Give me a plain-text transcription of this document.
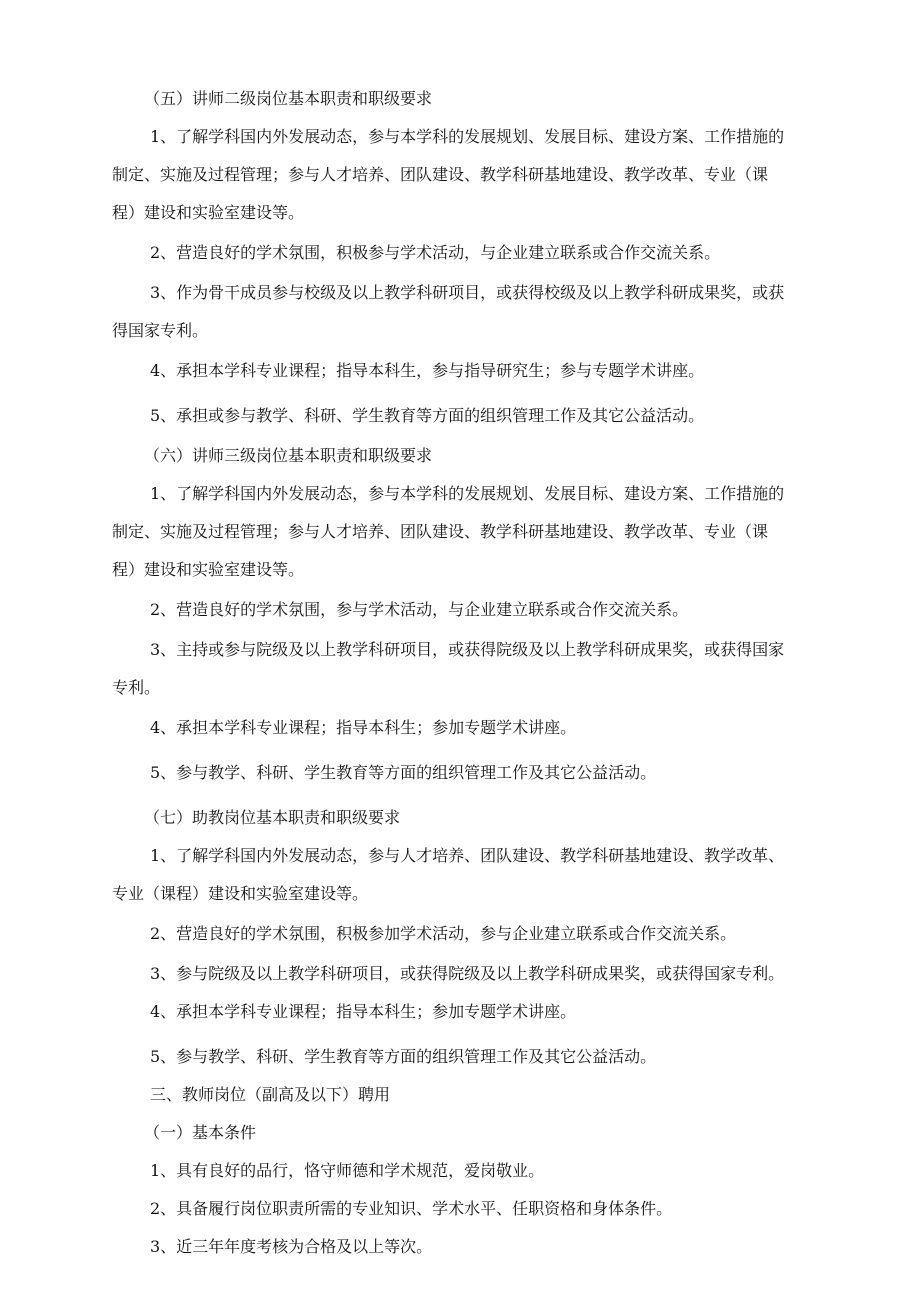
（五）讲师二级岗位基本职责和职级要求

1、了解学科国内外发展动态，参与本学科的发展规划、发展目标、建设方案、工作措施的

制定、实施及过程管理；参与人才培养、团队建设、教学科研基地建设、教学改革、专业（课

程）建设和实验室建设等。

2、营造良好的学术氛围，积极参与学术活动，与企业建立联系或合作交流关系。

3、作为骨干成员参与校级及以上教学科研项目，或获得校级及以上教学科研成果奖，或获

得国家专利。

4、承担本学科专业课程；指导本科生，参与指导研究生；参与专题学术讲座。

5、承担或参与教学、科研、学生教育等方面的组织管理工作及其它公益活动。

（六）讲师三级岗位基本职责和职级要求

1、了解学科国内外发展动态，参与本学科的发展规划、发展目标、建设方案、工作措施的

制定、实施及过程管理；参与人才培养、团队建设、教学科研基地建设、教学改革、专业（课

程）建设和实验室建设等。

2、营造良好的学术氛围，参与学术活动，与企业建立联系或合作交流关系。

3、主持或参与院级及以上教学科研项目，或获得院级及以上教学科研成果奖，或获得国家

专利。

4、承担本学科专业课程；指导本科生；参加专题学术讲座。

5、参与教学、科研、学生教育等方面的组织管理工作及其它公益活动。

（七）助教岗位基本职责和职级要求

1、了解学科国内外发展动态，参与人才培养、团队建设、教学科研基地建设、教学改革、

专业（课程）建设和实验室建设等。

2、营造良好的学术氛围，积极参加学术活动，参与企业建立联系或合作交流关系。

3、参与院级及以上教学科研项目，或获得院级及以上教学科研成果奖，或获得国家专利。

4、承担本学科专业课程；指导本科生；参加专题学术讲座。

5、参与教学、科研、学生教育等方面的组织管理工作及其它公益活动。

三、教师岗位（副高及以下）聘用

（一）基本条件

1、具有良好的品行，恪守师德和学术规范，爱岗敬业。

2、具备履行岗位职责所需的专业知识、学术水平、任职资格和身体条件。

3、近三年年度考核为合格及以上等次。
